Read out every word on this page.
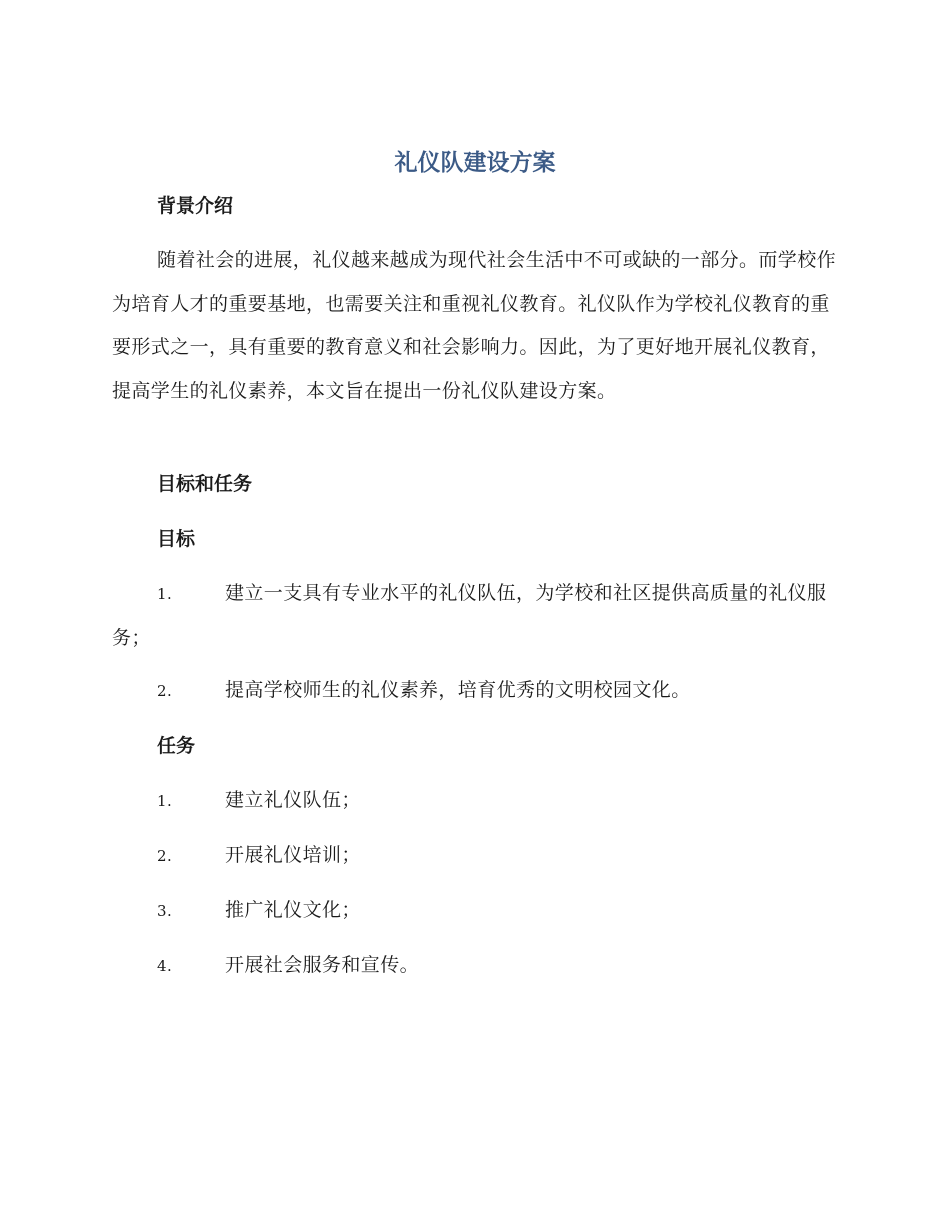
礼仪队建设方案
背景介绍
随着社会的进展，礼仪越来越成为现代社会生活中不可或缺的一部分。而学校作为培育人才的重要基地，也需要关注和重视礼仪教育。礼仪队作为学校礼仪教育的重要形式之一，具有重要的教育意义和社会影响力。因此，为了更好地开展礼仪教育，提高学生的礼仪素养，本文旨在提出一份礼仪队建设方案。
目标和任务
目标
1.	建立一支具有专业水平的礼仪队伍，为学校和社区提供高质量的礼仪服务；
2.	提高学校师生的礼仪素养，培育优秀的文明校园文化。
任务
1.	建立礼仪队伍；
2.	开展礼仪培训；
3.	推广礼仪文化；
4.	开展社会服务和宣传。
